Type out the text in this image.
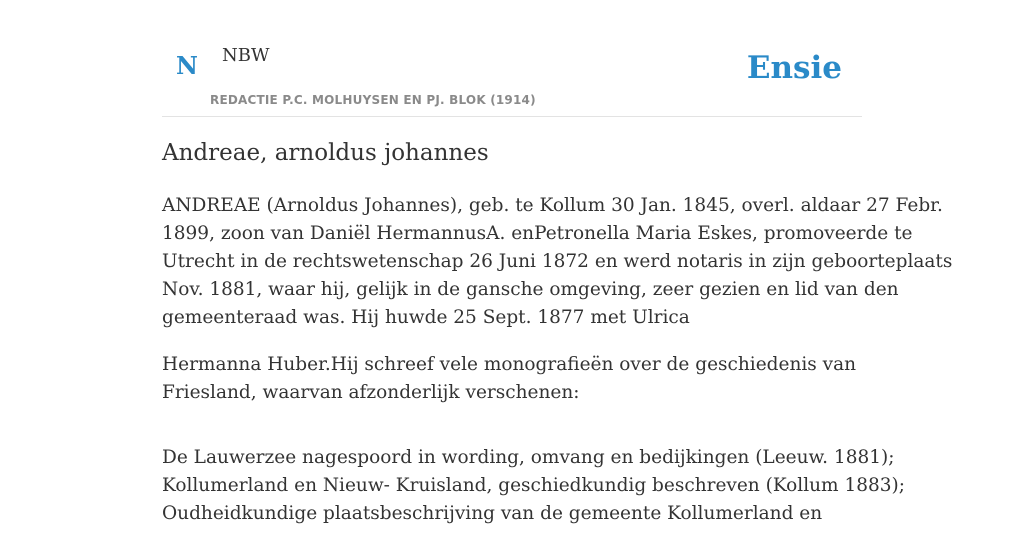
N NBW
REDACTIE P.C. MOLHUYSEN EN PJ. BLOK (1914)
Ensie
Andreae, arnoldus johannes

ANDREAE (Arnoldus Johannes), geb. te Kollum 30 Jan. 1845, overl. aldaar 27 Febr.
1899, zoon van Daniël HermannusA. enPetronella Maria Eskes, promoveerde te
Utrecht in de rechtswetenschap 26 Juni 1872 en werd notaris in zijn geboorteplaats
Nov. 1881, waar hij, gelijk in de gansche omgeving, zeer gezien en lid van den
gemeenteraad was. Hij huwde 25 Sept. 1877 met Ulrica

Hermanna Huber.Hij schreef vele monografieën over de geschiedenis van
Friesland, waarvan afzonderlijk verschenen:

De Lauwerzee nagespoord in wording, omvang en bedijkingen (Leeuw. 1881);
Kollumerland en Nieuw- Kruisland, geschiedkundig beschreven (Kollum 1883);
Oudheidkundige plaatsbeschrijving van de gemeente Kollumerland en
